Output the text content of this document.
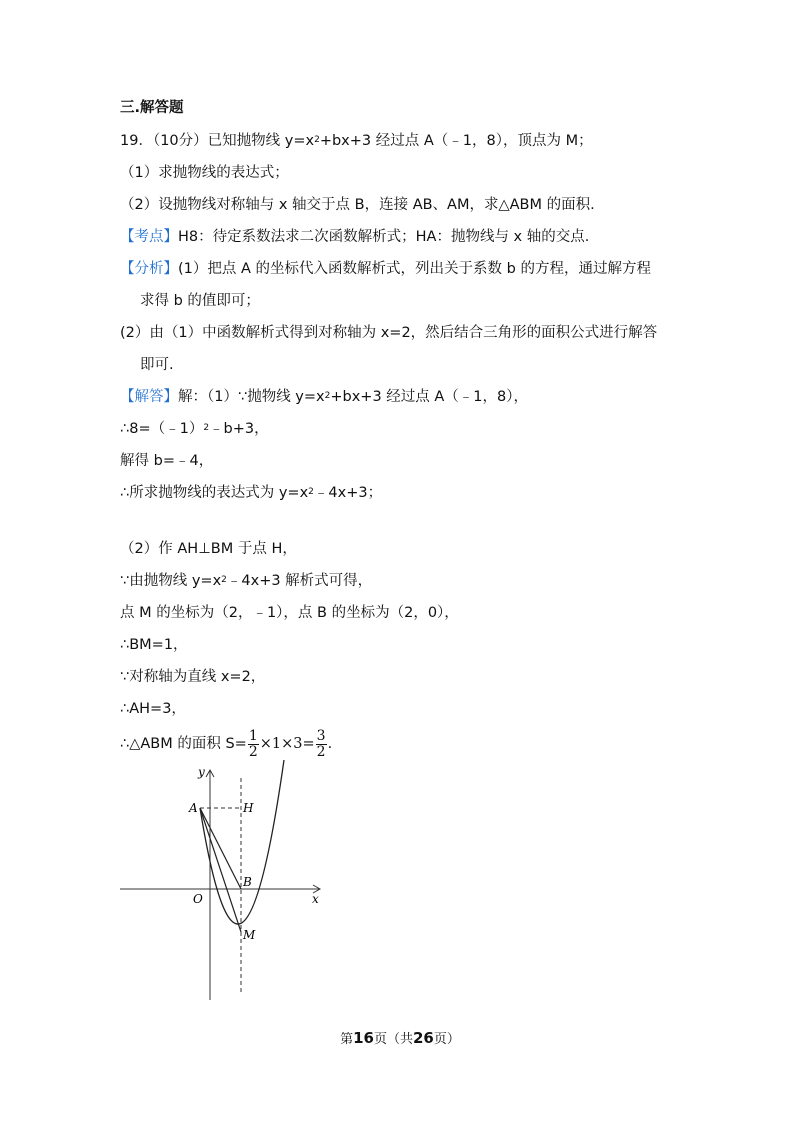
三.解答题
19．（10分）已知抛物线 $y=x^2+bx+3$ 经过点 A（﹣1，8），顶点为 M；
（1）求抛物线的表达式；
（2）设抛物线对称轴与 x 轴交于点 B，连接 AB、AM，求△ABM 的面积.
【考点】H8：待定系数法求二次函数解析式；HA：抛物线与 x 轴的交点.
【分析】(1）把点 A 的坐标代入函数解析式，列出关于系数 b 的方程，通过解方程
求得 b 的值即可；
(2）由（1）中函数解析式得到对称轴为 x=2，然后结合三角形的面积公式进行解答
即可.
【解答】解：（1）∵抛物线 $y=x^2+bx+3$ 经过点 A（﹣1，8），
∴8=（﹣1）$^2$﹣b+3，
解得 b=﹣4，
∴所求抛物线的表达式为 $y=x^2﹣4x+3$；
（2）作 AH⊥BM 于点 H，
∵由抛物线 $y=x^2﹣4x+3$ 解析式可得，
点 M 的坐标为（2，﹣1），点 B 的坐标为（2，0），
∴BM=1，
∵对称轴为直线 x=2，
∴AH=3，
∴△ABM 的面积 $S= \frac{1}{2} \times 1\times 3= \frac{3}{2}$ .
y
x
A	H
O
B
M
第16页（共26页）
